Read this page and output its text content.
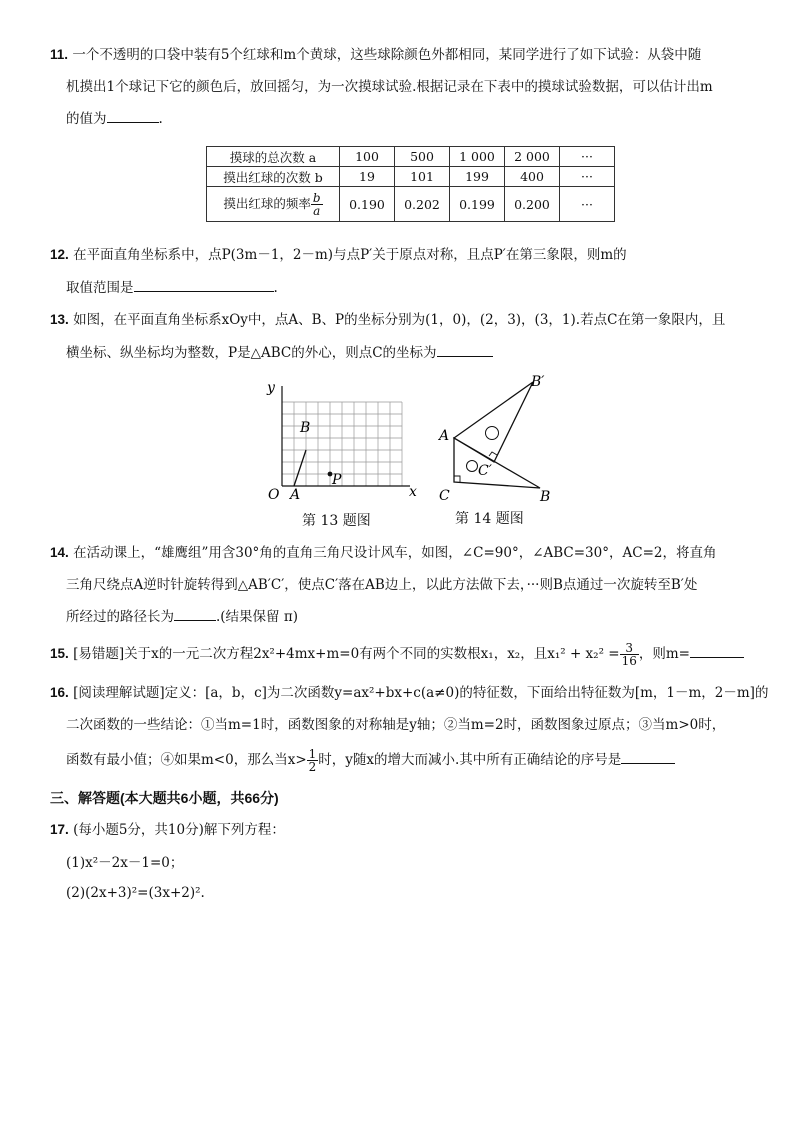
11. 一个不透明的口袋中装有5个红球和m个黄球，这些球除颜色外都相同，某同学进行了如下试验：从袋中随
机摸出1个球记下它的颜色后，放回摇匀，为一次摸球试验.根据记录在下表中的摸球试验数据，可以估计出m
的值为	.
摸球的总次数 a	100	500	1 000	2 000	···
摸出红球的次数 b	19	101	199	400	···
摸出红球的频率 $\frac{b}{a}$	0.190	0.202	0.199	0.200	···
12. 在平面直角坐标系中，点P(3m－1，2－m)与点P′关于原点对称，且点P′在第三象限，则m的
取值范围是	.
13. 如图，在平面直角坐标系xOy中，点A、B、P的坐标分别为(1，0)，(2，3)，(3，1).若点C在第一象限内，且
横坐标、纵坐标均为整数，P是△ABC的外心，则点C的坐标为
y
x
O A
B
P
第 13 题图
A
B
B′
C
C′
第 14 题图
14. 在活动课上，“雄鹰组”用含30°角的直角三角尺设计风车，如图，∠C=90°，∠ABC=30°，AC=2，将直角
三角尺绕点A逆时针旋转得到△AB′C′，使点C′落在AB边上，以此方法做下去，···则B点通过一次旋转至B′处
所经过的路径长为	.(结果保留 π)
15. [易错题]关于x的一元二次方程2x²+4mx+m=0有两个不同的实数根x₁，x₂，且$x_1^2 + x_2^2 = \frac{3}{16}$ ，则m=
16. [阅读理解试题]定义：[a，b，c]为二次函数y=ax²+bx+c(a≠0)的特征数，下面给出特征数为[m，1－m，2－m]的
二次函数的一些结论：①当m=1时，函数图象的对称轴是y轴；②当m=2时，函数图象过原点；③当m>0时，
函数有最小值；④如果m<0，那么当$x> \frac{1}{2}$ 时，y随x的增大而减小.其中所有正确结论的序号是
三、解答题(本大题共6小题，共66分)
17. (每小题5分，共10分)解下列方程：
(1)x²－2x－1=0；
(2)(2x+3)²=(3x+2)².
